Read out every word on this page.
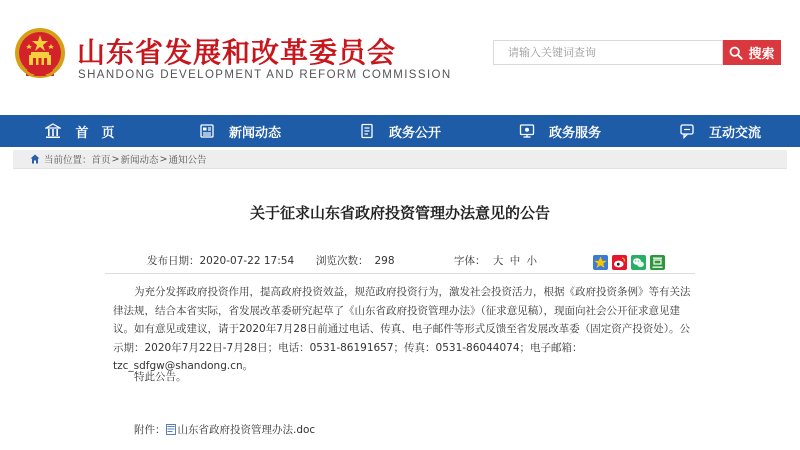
山东省发展和改革委员会
SHANDONG DEVELOPMENT AND REFORM COMMISSION
请输入关键词查询
搜索
首　页	新闻动态	政务公开	政务服务	互动交流
当前位置： 首页 > 新闻动态 > 通知公告
关于征求山东省政府投资管理办法意见的公告
发布日期：2020-07-22 17:54 浏览次数： 298	字体： 大 中 小

为充分发挥政府投资作用，提高政府投资效益，规范政府投资行为，激发社会投资活力，根据《政府投资条例》等有关法律法规，结合本省实际，省发展改革委研究起草了《山东省政府投资管理办法》（征求意见稿），现面向社会公开征求意见建议。如有意见或建议，请于2020年7月28日前通过电话、传真、电子邮件等形式反馈至省发展改革委（固定资产投资处）。公示期：2020年7月22日-7月28日；电话：0531-86191657；传真：0531-86044074；电子邮箱：tzc_sdfgw@shandong.cn。

特此公告。
附件： 山东省政府投资管理办法.doc
